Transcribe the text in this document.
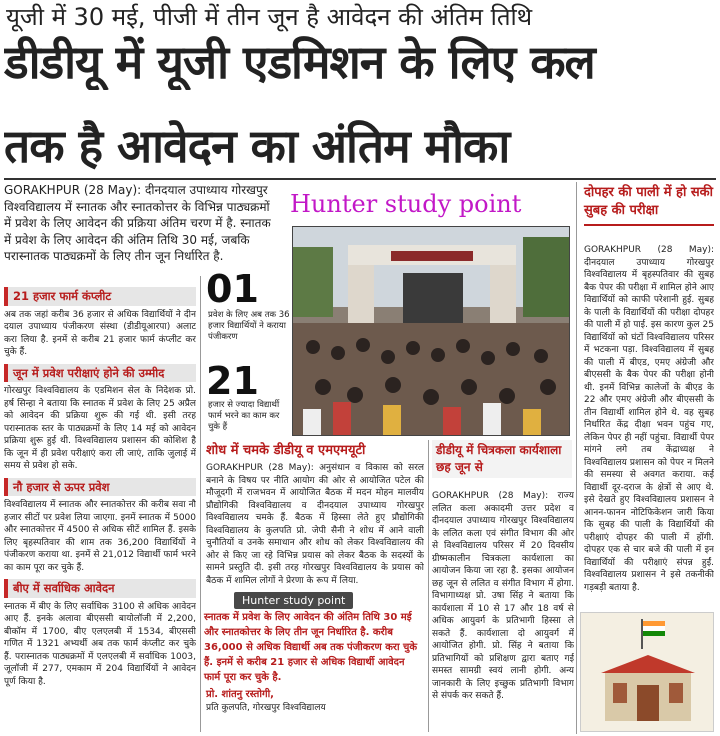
यूजी में 30 मई, पीजी में तीन जून है आवेदन की अंतिम तिथि
डीडीयू में यूजी एडमिशन के लिए कल
तक है आवेदन का अंतिम मौका
GORAKHPUR (28 May): दीनदयाल उपाध्याय गोरखपुर विश्वविद्यालय में स्नातक और स्नातकोत्तर के विभिन्न पाठ्यक्रमों में प्रवेश के लिए आवेदन की प्रक्रिया अंतिम चरण में है. स्नातक में प्रवेश के लिए आवेदन की अंतिम तिथि 30 मई, जबकि परास्नातक पाठ्यक्रमों के लिए तीन जून निर्धारित है.
Hunter study point	दोपहर की पाली में हो सकी सुबह की परीक्षा
GORAKHPUR (28 May): दीनदयाल उपाध्याय गोरखपुर विश्वविद्यालय में बृहस्पतिवार की सुबह बैक पेपर की परीक्षा में शामिल होने आए विद्यार्थियों को काफी परेशानी हुई. सुबह के पाली के विद्यार्थियों की परीक्षा दोपहर की पाली में हो पाई. इस कारण कुल 25 विद्यार्थियों को घंटों विश्वविद्यालय परिसर में भटकना पड़ा. विश्वविद्यालय में सुबह की पाली में बीएड, एमए अंग्रेजी और बीएससी के बैक पेपर की परीक्षा होनी थी. इनमें विभिन्न कालेजों के बीएड के 22 और एमए अंग्रेजी और बीएससी के तीन विद्यार्थी शामिल होने थे. वह सुबह निर्धारित केंद्र दीक्षा भवन पहुंच गए, लेकिन पेपर ही नहीं पहुंचा. विद्यार्थी पेपर मांगने लगे तब केंद्राध्यक्ष ने विश्वविद्यालय प्रशासन को पेपर न मिलने की समस्या से अवगत कराया. कई विद्यार्थी दूर-दराज के क्षेत्रों से आए थे. इसे देखते हुए विश्वविद्यालय प्रशासन ने आनन-फानन नोटिफिकेशन जारी किया कि सुबह की पाली के विद्यार्थियों की परीक्षाएं दोपहर की पाली में होंगी. दोपहर एक से चार बजे की पाली में इन विद्यार्थियों की परीक्षाएं संपन्न हुईं. विश्वविद्यालय प्रशासन ने इसे तकनीकी गड़बड़ी बताया है.
01
प्रवेश के लिए अब तक 36 हजार विद्यार्थियों ने कराया पंजीकरण
21
हजार से ज्यादा विद्यार्थी फार्म भरने का काम कर चुके हैं
21 हजार फार्म कंप्लीट
अब तक जहां करीब 36 हजार से अधिक विद्यार्थियों ने दीन दयाल उपाध्याय पंजीकरण संस्था (डीडीयूआरपा) अलाट करा लिया है. इनमें से करीब 21 हजार फार्म कंप्लीट कर चुके हैं.
जून में प्रवेश परीक्षाएं होने की उम्मीद
गोरखपुर विश्वविद्यालय के एडमिशन सेल के निदेशक प्रो. हर्ष सिन्हा ने बताया कि स्नातक में प्रवेश के लिए 25 अप्रैल को आवेदन की प्रक्रिया शुरू की गई थी. इसी तरह परास्नातक स्तर के पाठ्यक्रमों के लिए 14 मई को आवेदन प्रक्रिया शुरू हुई थी. विश्वविद्यालय प्रशासन की कोशिश है कि जून में ही प्रवेश परीक्षाएं करा ली जाएं, ताकि जुलाई में समय से प्रवेश हो सके.
नौ हजार से ऊपर प्रवेश
विश्वविद्यालय में स्नातक और स्नातकोत्तर की करीब सवा नौ हजार सीटों पर प्रवेश लिया जाएगा. इनमें स्नातक में 5000 और स्नातकोत्तर में 4500 से अधिक सीटें शामिल हैं. इसके लिए बृहस्पतिवार की शाम तक 36,200 विद्यार्थियों ने पंजीकरण कराया था. इनमें से 21,012 विद्यार्थी फार्म भरने का काम पूरा कर चुके हैं.
बीए में सर्वाधिक आवेदन
स्नातक में बीए के लिए सर्वाधिक 3100 से अधिक आवेदन आए हैं. इनके अलावा बीएससी बायोलॉजी में 2,200, बीकॉम में 1700, बीए एलएलबी में 1534, बीएससी गणित में 1321 अभ्यर्थी अब तक फार्म कंप्लीट कर चुके हैं. परास्नातक पाठ्यक्रमों में एलएलबी में सर्वाधिक 1003, जूलॉजी में 277, एमकाम में 204 विद्यार्थियों ने आवेदन पूर्ण किया है.
शोध में चमके डीडीयू व एमएमयूटी
GORAKHPUR (28 May): अनुसंधान व विकास को सरल बनाने के विषय पर नीति आयोग की ओर से आयोजित पटेल की मौजूदगी में राजभवन में आयोजित बैठक में मदन मोहन मालवीय प्रौद्योगिकी विश्वविद्यालय व दीनदयाल उपाध्याय गोरखपुर विश्वविद्यालय चमके हैं. बैठक में हिस्सा लेते हुए प्रौद्योगिकी विश्वविद्यालय के कुलपति प्रो. जेपी सैनी ने शोध में आने वाली चुनौतियों व उनके समाधान और शोध को लेकर विश्वविद्यालय की ओर से किए जा रहे विभिन्न प्रयास को लेकर बैठक के सदस्यों के सामने प्रस्तुति दी. इसी तरह गोरखपुर विश्वविद्यालय के प्रयास को बैठक में शामिल लोगों ने प्रेरणा के रूप में लिया.
Hunter study point
स्नातक में प्रवेश के लिए आवेदन की अंतिम तिथि 30 मई और स्नातकोत्तर के लिए तीन जून निर्धारित है. करीब 36,000 से अधिक विद्यार्थी अब तक पंजीकरण करा चुके हैं. इनमें से करीब 21 हजार से अधिक विद्यार्थी आवेदन फार्म पूरा कर चुके है.
प्रो. शांतनु रस्तोगी,
प्रति कुलपति, गोरखपुर विश्वविद्यालय
डीडीयू में चित्रकला कार्यशाला छह जून से
GORAKHPUR (28 May): राज्य ललित कला अकादमी उत्तर प्रदेश व दीनदयाल उपाध्याय गोरखपुर विश्वविद्यालय के ललित कला एवं संगीत विभाग की ओर से विश्वविद्यालय परिसर में 20 दिवसीय ग्रीष्मकालीन चित्रकला कार्यशाला का आयोजन किया जा रहा है. इसका आयोजन छह जून से ललित व संगीत विभाग में होगा. विभागाध्यक्ष प्रो. उषा सिंह ने बताया कि कार्यशाला में 10 से 17 और 18 वर्ष से अधिक आयुवर्ग के प्रतिभागी हिस्सा ले सकते हैं. कार्यशाला दो आयुवर्ग में आयोजित होगी. प्रो. सिंह ने बताया कि प्रतिभागियों को प्रशिक्षण द्वारा बताए गई समस्त सामग्री स्वयं लानी होगी. अन्य जानकारी के लिए इच्छुक प्रतिभागी विभाग से संपर्क कर सकते हैं.
